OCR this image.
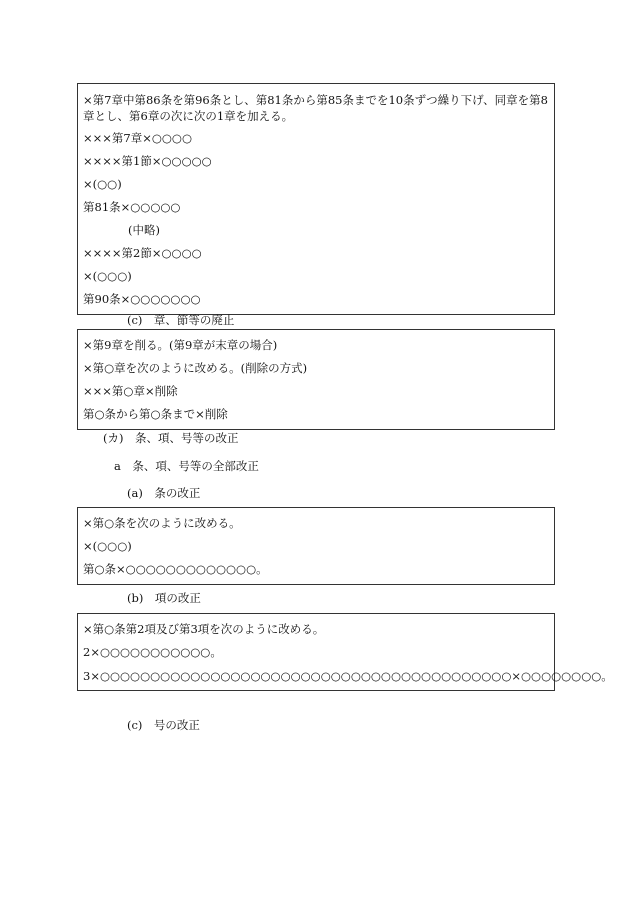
×第7章中第86条を第96条とし、第81条から第85条までを10条ずつ繰り下げ、同章を第8章とし、第6章の次に次の1章を加える。
×××第7章×○○○○
××××第1節×○○○○○
×(○○)
第81条×○○○○○
(中略)
××××第2節×○○○○
×(○○○)
第90条×○○○○○○○
(c)　章、節等の廃止
×第9章を削る。(第9章が末章の場合)
×第○章を次のように改める。(削除の方式)
×××第○章×削除
第○条から第○条まで×削除
(カ)　条、項、号等の改正
a　条、項、号等の全部改正
(a)　条の改正
×第○条を次のように改める。
×(○○○)
第○条×○○○○○○○○○○○○○。
(b)　項の改正
×第○条第2項及び第3項を次のように改める。
2×○○○○○○○○○○○。
3×○○○○○○○○○○○○○○○○○○○○○○○○○○○○○○○○○○○○○○○○○×○○○○○○○○。
(c)　号の改正
